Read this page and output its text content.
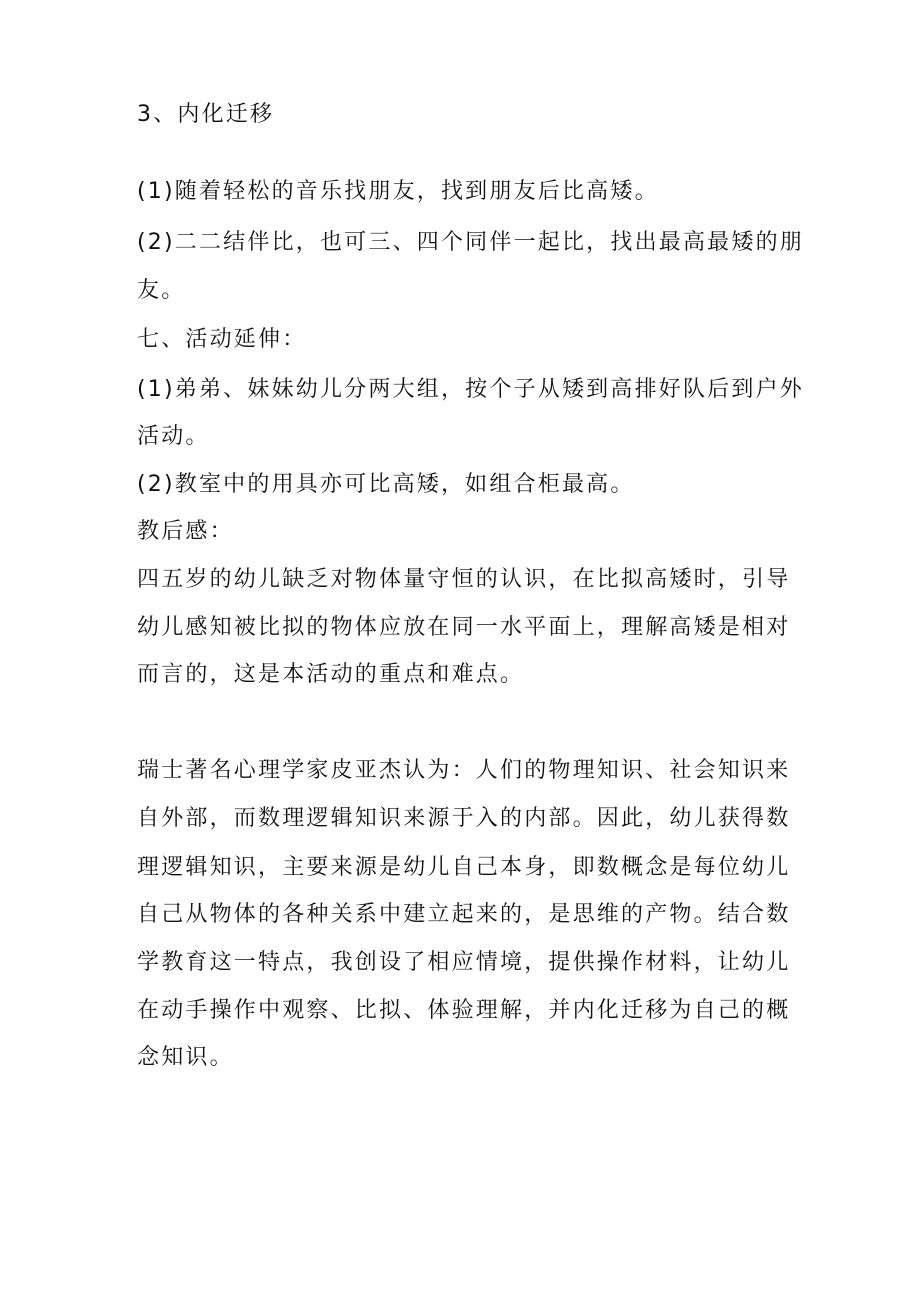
3、内化迁移
(1)随着轻松的音乐找朋友，找到朋友后比高矮。
(2)二二结伴比，也可三、四个同伴一起比，找出最高最矮的朋
友。
七、活动延伸：
(1)弟弟、妹妹幼儿分两大组，按个子从矮到高排好队后到户外
活动。
(2)教室中的用具亦可比高矮，如组合柜最高。
教后感：
四五岁的幼儿缺乏对物体量守恒的认识，在比拟高矮时，引导
幼儿感知被比拟的物体应放在同一水平面上，理解高矮是相对
而言的，这是本活动的重点和难点。
瑞士著名心理学家皮亚杰认为：人们的物理知识、社会知识来
自外部，而数理逻辑知识来源于入的内部。因此，幼儿获得数
理逻辑知识，主要来源是幼儿自己本身，即数概念是每位幼儿
自己从物体的各种关系中建立起来的，是思维的产物。结合数
学教育这一特点，我创设了相应情境，提供操作材料，让幼儿
在动手操作中观察、比拟、体验理解，并内化迁移为自己的概
念知识。
